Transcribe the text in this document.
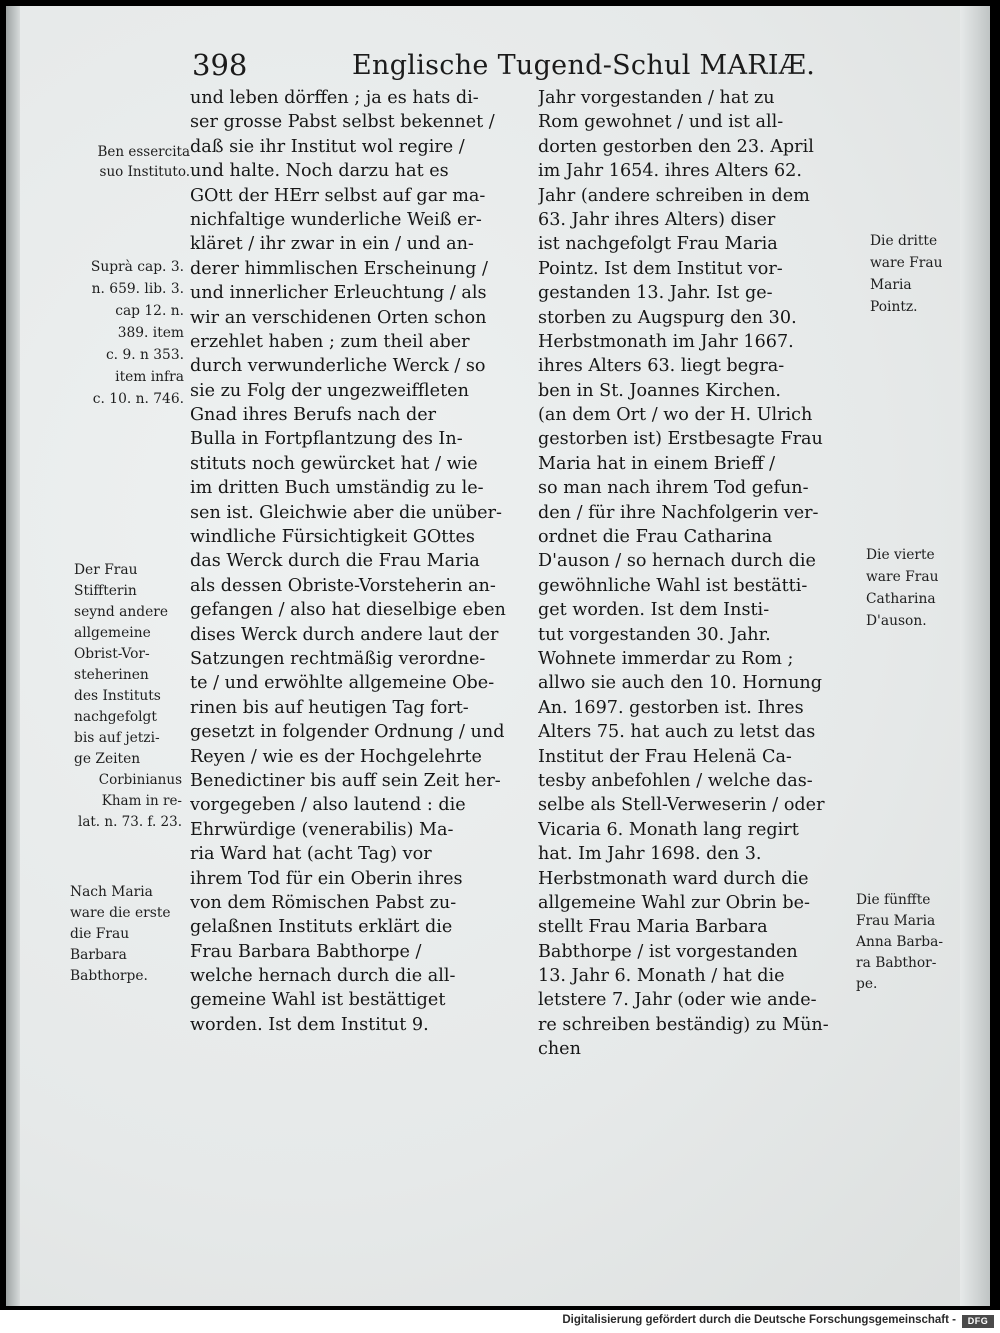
398	Englische Tugend-Schul MARIÆ.
und leben dörffen ; ja es hats di-
ser grosse Pabst selbst bekennet /
daß sie ihr Institut wol regire /
und halte. Noch darzu hat es
GOtt der HErr selbst auf gar ma-
nichfaltige wunderliche Weiß er-
kläret / ihr zwar in ein / und an-
derer himmlischen Erscheinung /
und innerlicher Erleuchtung / als
wir an verschidenen Orten schon
erzehlet haben ; zum theil aber
durch verwunderliche Werck / so
sie zu Folg der ungezweiffleten
Gnad ihres Berufs nach der
Bulla in Fortpflantzung des In-
stituts noch gewürcket hat / wie
im dritten Buch umständig zu le-
sen ist. Gleichwie aber die unüber-
windliche Fürsichtigkeit GOttes
das Werck durch die Frau Maria
als dessen Obriste-Vorsteherin an-
gefangen / also hat dieselbige eben
dises Werck durch andere laut der
Satzungen rechtmäßig verordne-
te / und erwöhlte allgemeine Obe-
rinen bis auf heutigen Tag fort-
gesetzt in folgender Ordnung / und
Reyen / wie es der Hochgelehrte
Benedictiner bis auff sein Zeit her-
vorgegeben / also lautend : die
Ehrwürdige (venerabilis) Ma-
ria Ward hat (acht Tag) vor
ihrem Tod für ein Oberin ihres
von dem Römischen Pabst zu-
gelaßnen Instituts erklärt die
Frau Barbara Babthorpe /
welche hernach durch die all-
gemeine Wahl ist bestättiget
worden. Ist dem Institut 9.
Jahr vorgestanden / hat zu
Rom gewohnet / und ist all-
dorten gestorben den 23. April
im Jahr 1654. ihres Alters 62.
Jahr (andere schreiben in dem
63. Jahr ihres Alters) diser
ist nachgefolgt Frau Maria
Pointz. Ist dem Institut vor-
gestanden 13. Jahr. Ist ge-
storben zu Augspurg den 30.
Herbstmonath im Jahr 1667.
ihres Alters 63. liegt begra-
ben in St. Joannes Kirchen.
(an dem Ort / wo der H. Ulrich
gestorben ist) Erstbesagte Frau
Maria hat in einem Brieff /
so man nach ihrem Tod gefun-
den / für ihre Nachfolgerin ver-
ordnet die Frau Catharina
D'auson / so hernach durch die
gewöhnliche Wahl ist bestätti-
get worden. Ist dem Insti-
tut vorgestanden 30. Jahr.
Wohnete immerdar zu Rom ;
allwo sie auch den 10. Hornung
An. 1697. gestorben ist. Ihres
Alters 75. hat auch zu letst das
Institut der Frau Helenä Ca-
tesby anbefohlen / welche das-
selbe als Stell-Verweserin / oder
Vicaria 6. Monath lang regirt
hat. Im Jahr 1698. den 3.
Herbstmonath ward durch die
allgemeine Wahl zur Obrin be-
stellt Frau Maria Barbara
Babthorpe / ist vorgestanden
13. Jahr 6. Monath / hat die
letstere 7. Jahr (oder wie ande-
re schreiben beständig) zu Mün-
chen
Ben essercita
suo Instituto.
Suprà cap. 3.
n. 659. lib. 3.
cap 12. n.
389. item
c. 9. n 353.
item infra
c. 10. n. 746.
Der Frau
Stiffterin
seynd andere
allgemeine
Obrist-Vor-
steherinen
des Instituts
nachgefolgt
bis auf jetzi-
ge Zeiten
Corbinianus
Kham in re-
lat. n. 73. f. 23.
Nach Maria
ware die erste
die Frau
Barbara
Babthorpe.
Die dritte
ware Frau
Maria
Pointz.
Die vierte
ware Frau
Catharina
D'auson.
Die fünffte
Frau Maria
Anna Barba-
ra Babthor-
pe.
Digitalisierung gefördert durch die Deutsche Forschungsgemeinschaft -	DFG
